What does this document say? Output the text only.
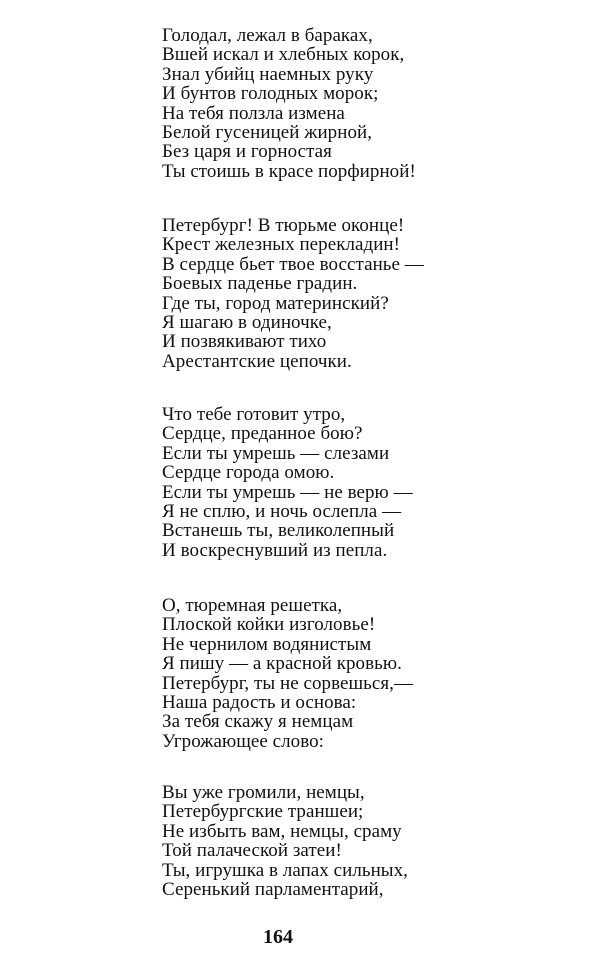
Голодал, лежал в бараках,
Вшей искал и хлебных корок,
Знал убийц наемных руку
И бунтов голодных морок;
На тебя ползла измена
Белой гусеницей жирной,
Без царя и горностая
Ты стоишь в красе порфирной!
Петербург! В тюрьме оконце!
Крест железных перекладин!
В сердце бьет твое восстанье —
Боевых паденье градин.
Где ты, город материнский?
Я шагаю в одиночке,
И позвякивают тихо
Арестантские цепочки.
Что тебе готовит утро,
Сердце, преданное бою?
Если ты умрешь — слезами
Сердце города омою.
Если ты умрешь — не верю —
Я не сплю, и ночь ослепла —
Встанешь ты, великолепный
И воскреснувший из пепла.
О, тюремная решетка,
Плоской койки изголовье!
Не чернилом водянистым
Я пишу — а красной кровью.
Петербург, ты не сорвешься,—
Наша радость и основа:
За тебя скажу я немцам
Угрожающее слово:
Вы уже громили, немцы,
Петербургские траншеи;
Не избыть вам, немцы, сраму
Той палаческой затеи!
Ты, игрушка в лапах сильных,
Серенький парламентарий,
164
